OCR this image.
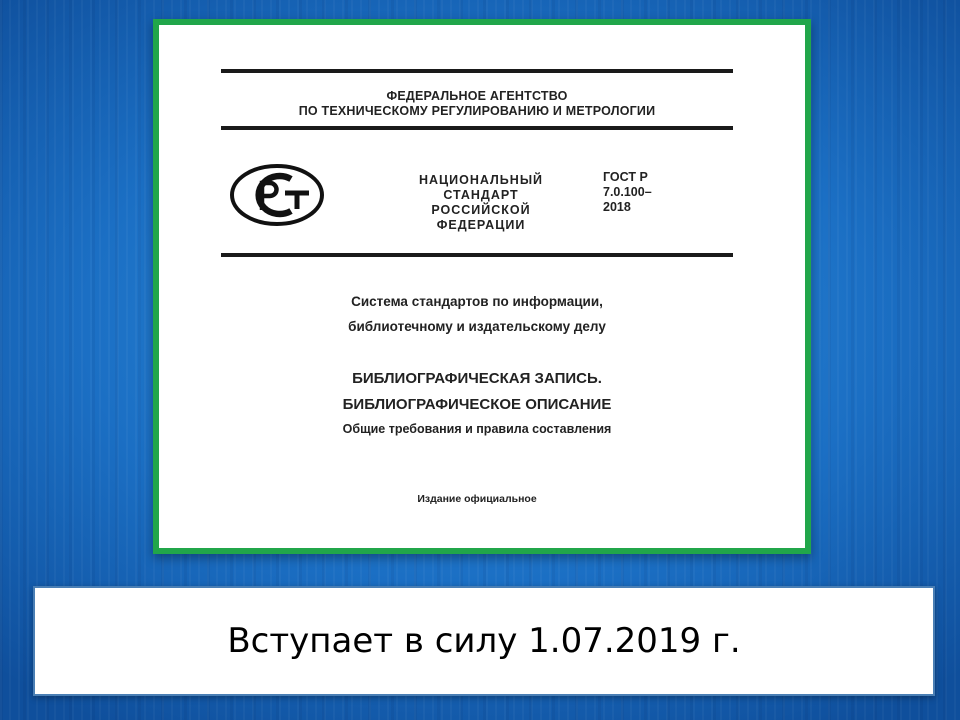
ФЕДЕРАЛЬНОЕ АГЕНТСТВО
ПО ТЕХНИЧЕСКОМУ РЕГУЛИРОВАНИЮ И МЕТРОЛОГИИ
НАЦИОНАЛЬНЫЙ
СТАНДАРТ
РОССИЙСКОЙ
ФЕДЕРАЦИИ
ГОСТ Р
7.0.100–
2018
Система стандартов по информации,
библиотечному и издательскому делу
БИБЛИОГРАФИЧЕСКАЯ ЗАПИСЬ.
БИБЛИОГРАФИЧЕСКОЕ ОПИСАНИЕ
Общие требования и правила составления
Издание официальное
Вступает в силу 1.07.2019 г.
